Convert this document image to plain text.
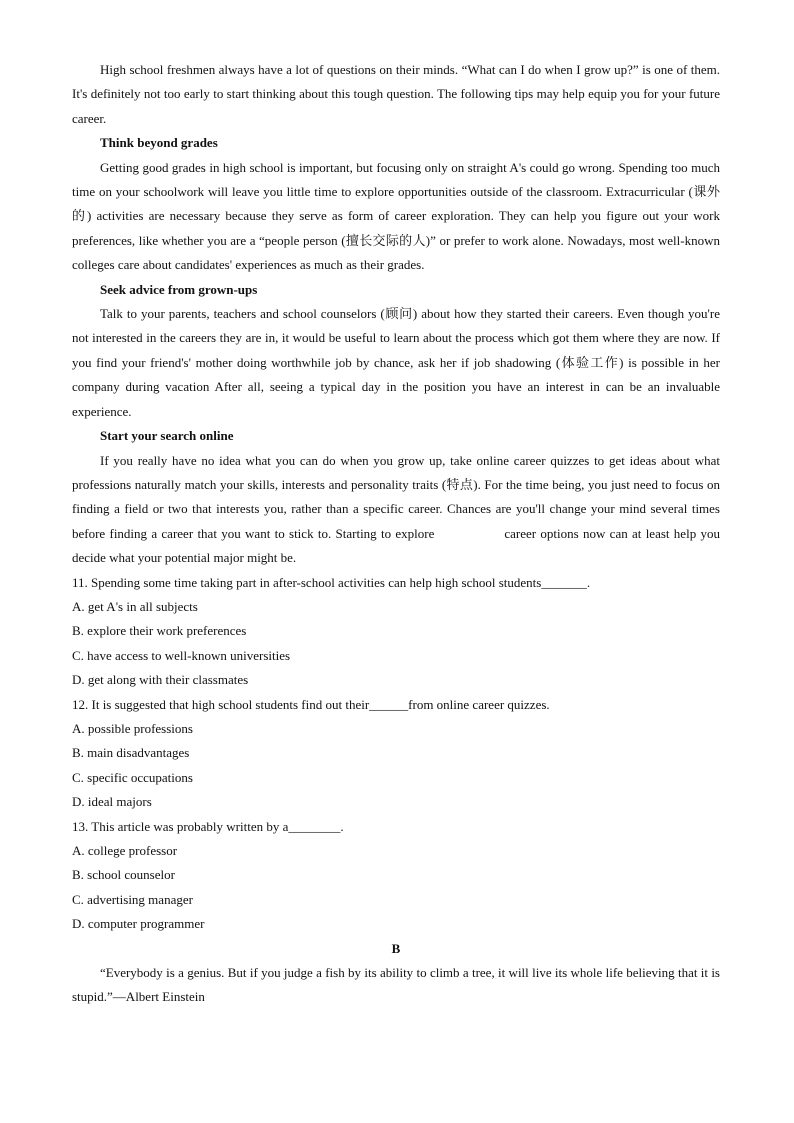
High school freshmen always have a lot of questions on their minds. “What can I do when I grow up?” is one of them. It's definitely not too early to start thinking about this tough question. The following tips may help equip you for your future career.

Think beyond grades

Getting good grades in high school is important, but focusing only on straight A's could go wrong. Spending too much time on your schoolwork will leave you little time to explore opportunities outside of the classroom. Extracurricular (课外的) activities are necessary because they serve as form of career exploration. They can help you figure out your work preferences, like whether you are a “people person (擅长交际的人)” or prefer to work alone. Nowadays, most well-known colleges care about candidates' experiences as much as their grades.

Seek advice from grown-ups

Talk to your parents, teachers and school counselors (顾问) about how they started their careers. Even though you're not interested in the careers they are in, it would be useful to learn about the process which got them where they are now. If you find your friend's' mother doing worthwhile job by chance, ask her if job shadowing (体验工作) is possible in her company during vacation After all, seeing a typical day in the position you have an interest in can be an invaluable experience.

Start your search online

If you really have no idea what you can do when you grow up, take online career quizzes to get ideas about what professions naturally match your skills, interests and personality traits (特点). For the time being, you just need to focus on finding a field or two that interests you, rather than a specific career. Chances are you'll change your mind several times before finding a career that you want to stick to. Starting to explore	career options now can at least help you decide what your potential major might be.

11. Spending some time taking part in after-school activities can help high school students_______.

A. get A's in all subjects

B. explore their work preferences

C. have access to well-known universities

D. get along with their classmates

12. It is suggested that high school students find out their______from online career quizzes.

A. possible professions

B. main disadvantages

C. specific occupations

D. ideal majors

13. This article was probably written by a________.

A. college professor

B. school counselor

C. advertising manager

D. computer programmer

B

“Everybody is a genius. But if you judge a fish by its ability to climb a tree, it will live its whole life believing that it is stupid.”—Albert Einstein
